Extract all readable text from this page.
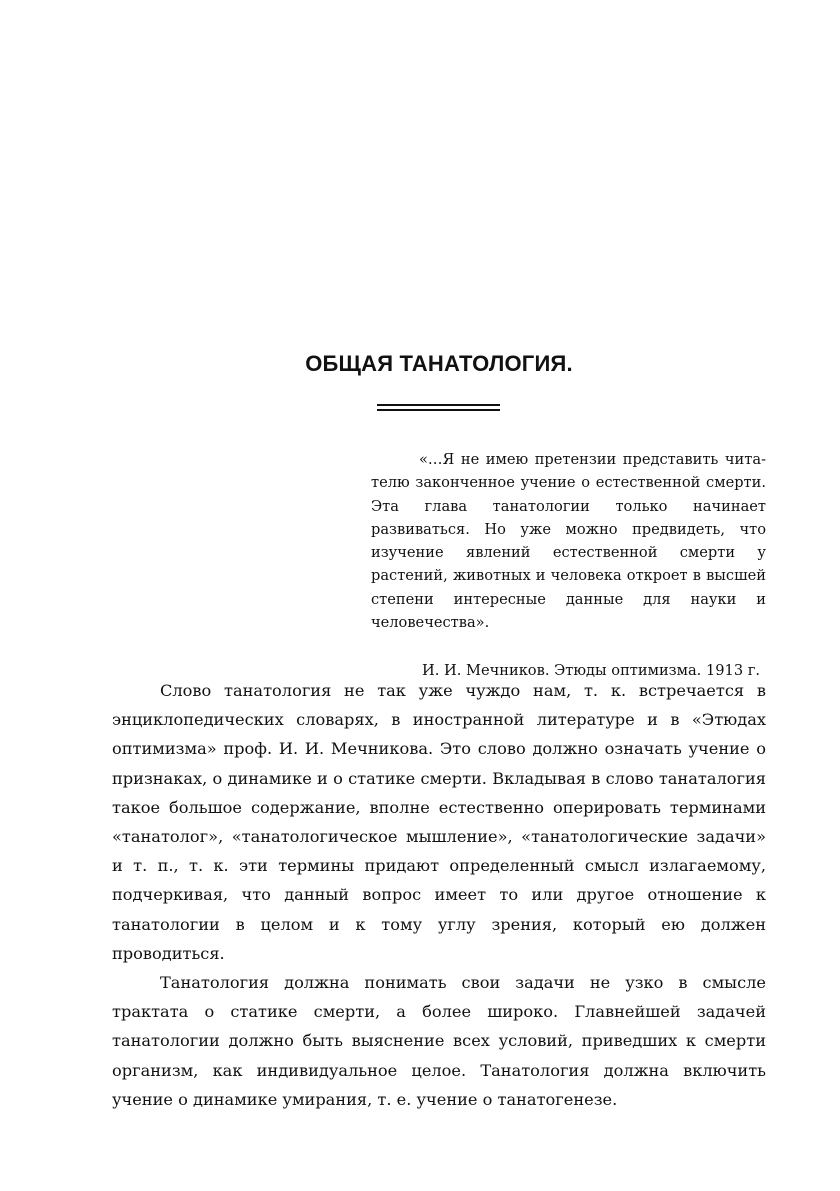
ОБЩАЯ ТАНАТОЛОГИЯ.

«…Я не имею претензии представить читателю законченное учение о естественной смерти. Эта глава танатологии только начинает развиваться. Но уже можно предвидеть, что изучение явлений естественной смерти у растений, животных и человека откроет в высшей степени интересные данные для науки и человечества».

И. И. Мечников. Этюды оптимизма. 1913 г.

Слово танатология не так уже чуждо нам, т. к. встречается в энциклопедических словарях, в иностранной литературе и в «Этюдах оптимизма» проф. И. И. Мечникова. Это слово должно означать учение о признаках, о динамике и о статике смерти. Вкладывая в слово танаталогия такое большое содержание, вполне естественно оперировать терминами «танатолог», «танатологическое мышление», «танатологические задачи» и т. п., т. к. эти термины придают определенный смысл излагаемому, подчеркивая, что данный вопрос имеет то или другое отношение к танатологии в целом и к тому углу зрения, который ею должен проводиться.

Танатология должна понимать свои задачи не узко в смысле трактата о статике смерти, а более широко. Главнейшей задачей танатологии должно быть выяснение всех условий, приведших к смерти организм, как индивидуальное целое. Танатология должна включить учение о динамике умирания, т. е. учение о танатогенезе.
